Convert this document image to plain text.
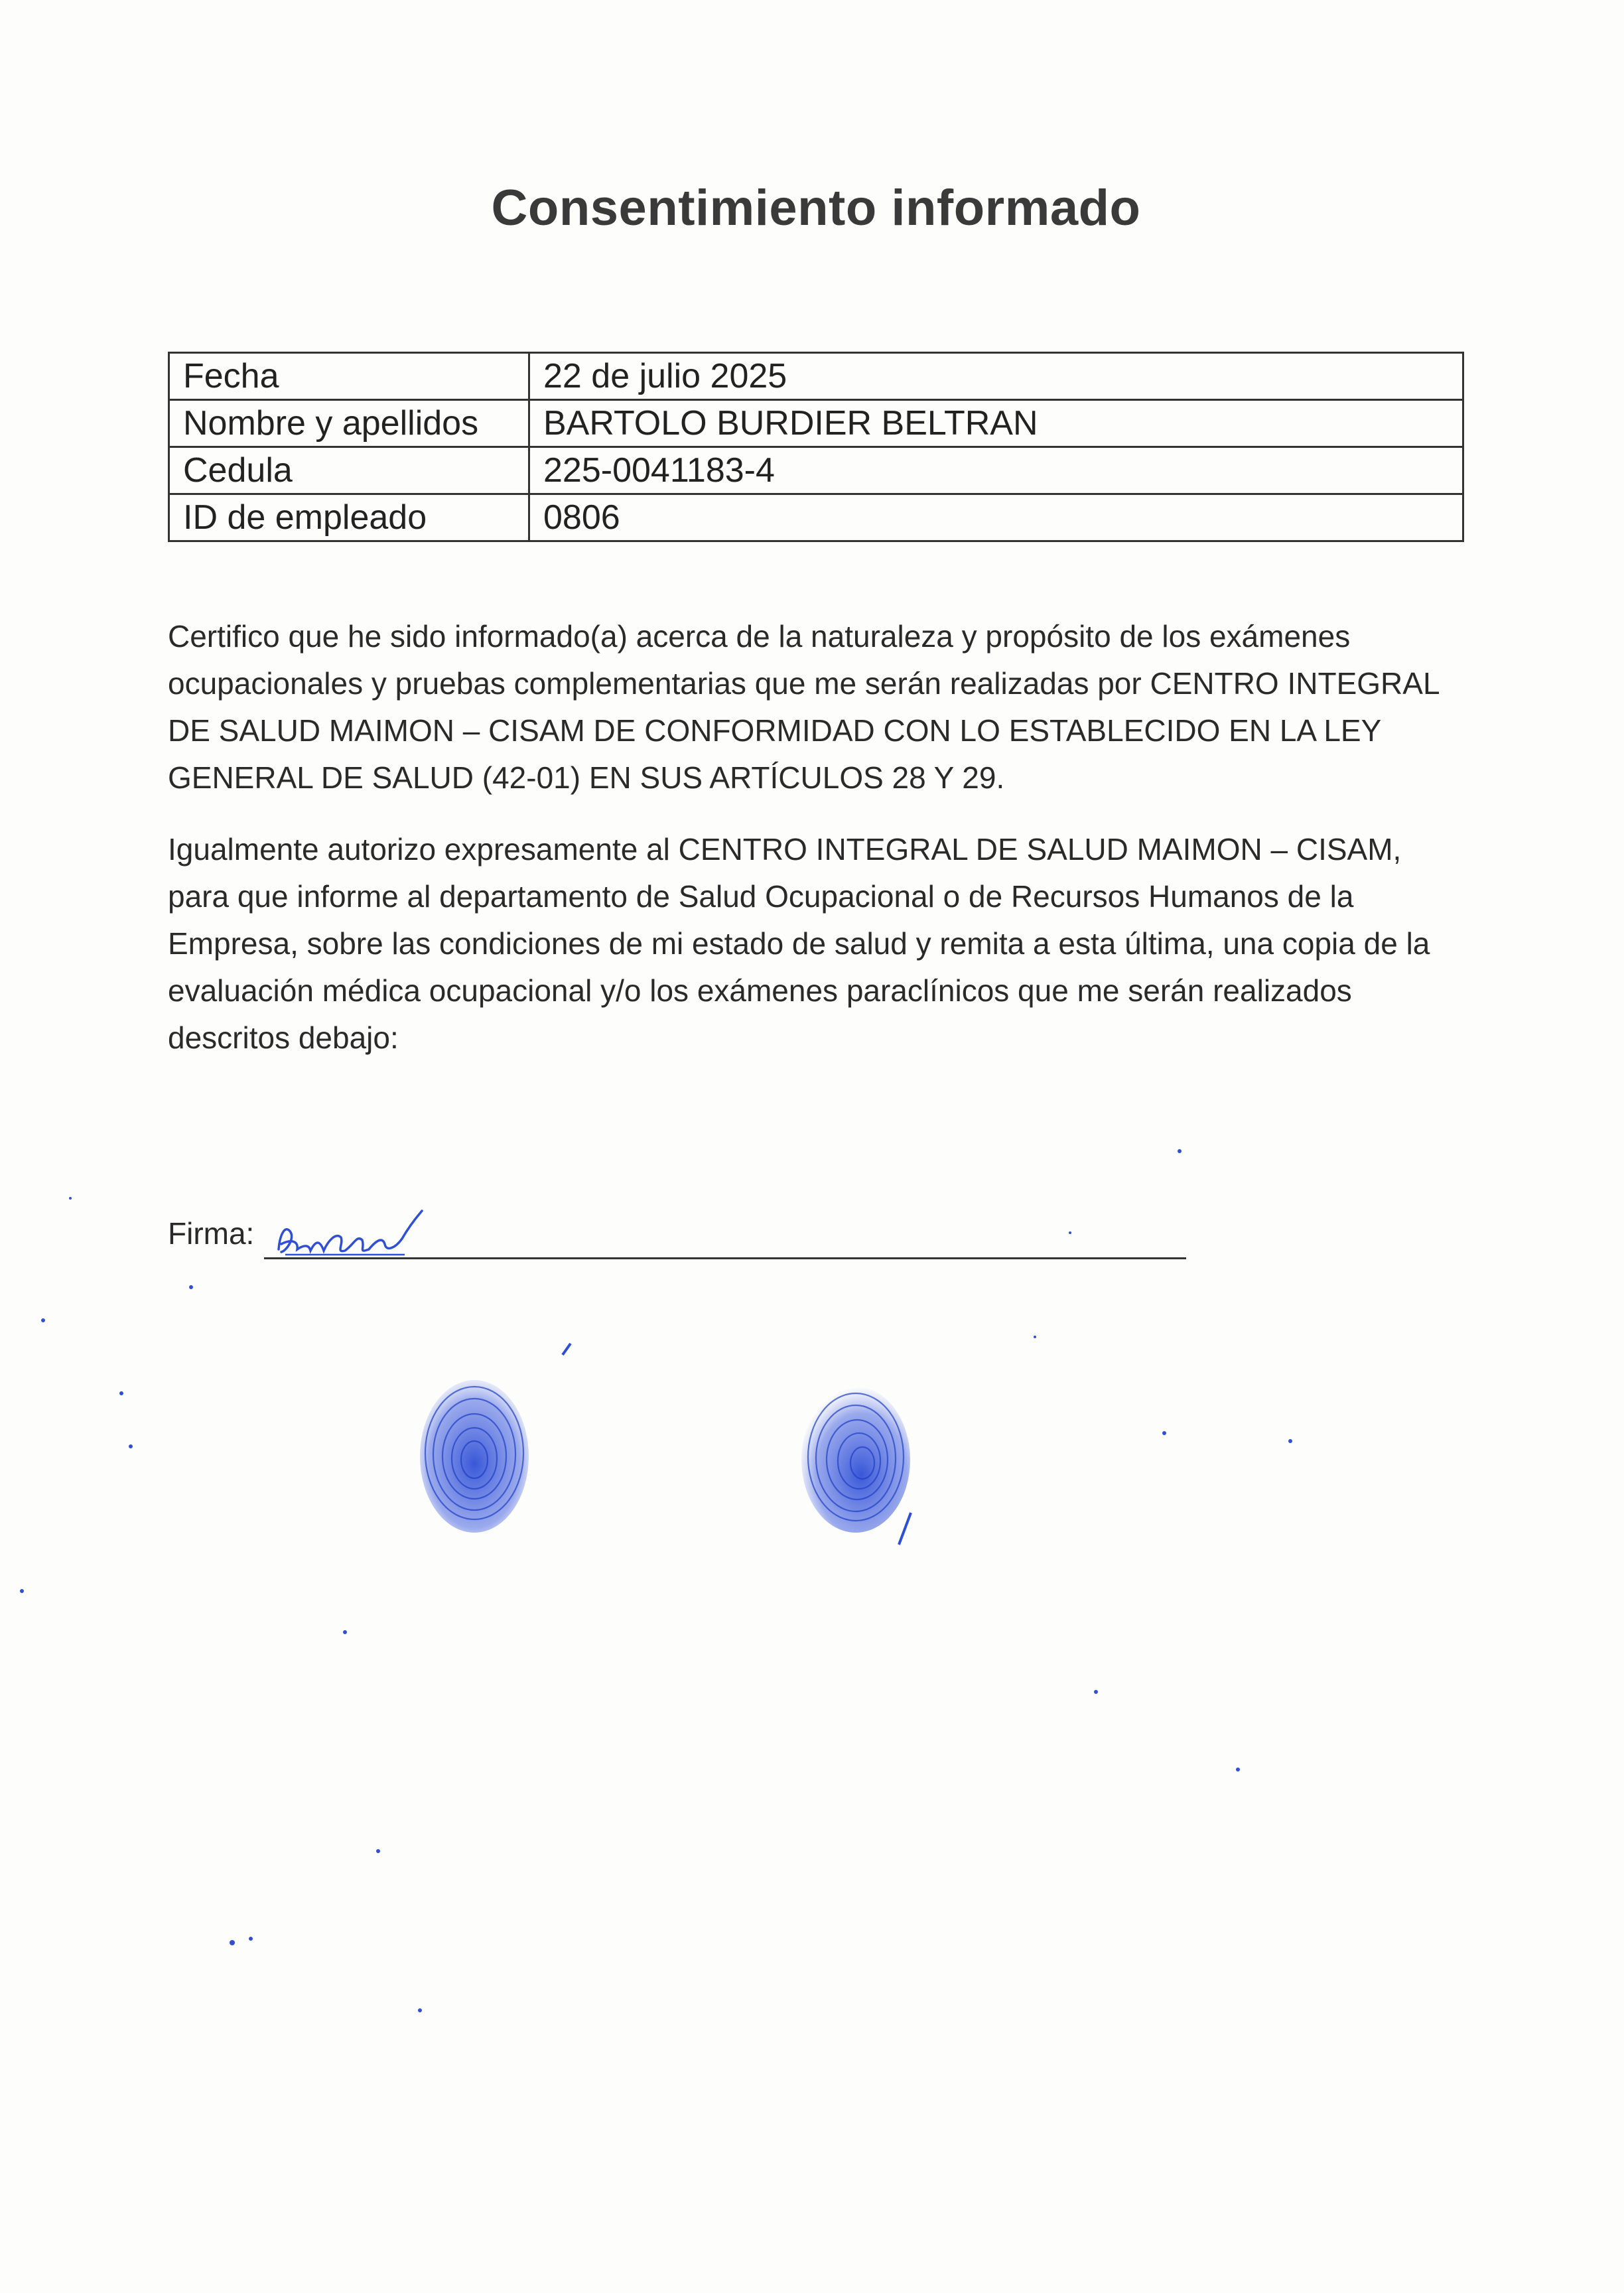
Consentimiento informado
Fecha	22 de julio 2025
Nombre y apellidos	BARTOLO BURDIER BELTRAN
Cedula	225-0041183-4
ID de empleado	0806
Certifico que he sido informado(a) acerca de la naturaleza y propósito de los exámenes ocupacionales y pruebas complementarias que me serán realizadas por CENTRO INTEGRAL DE SALUD MAIMON – CISAM DE CONFORMIDAD CON LO ESTABLECIDO EN LA LEY GENERAL DE SALUD (42-01) EN SUS ARTÍCULOS 28 Y 29.
Igualmente autorizo expresamente al CENTRO INTEGRAL DE SALUD MAIMON – CISAM, para que informe al departamento de Salud Ocupacional o de Recursos Humanos de la Empresa, sobre las condiciones de mi estado de salud y remita a esta última, una copia de la evaluación médica ocupacional y/o los exámenes paraclínicos que me serán realizados descritos debajo:
Firma:
